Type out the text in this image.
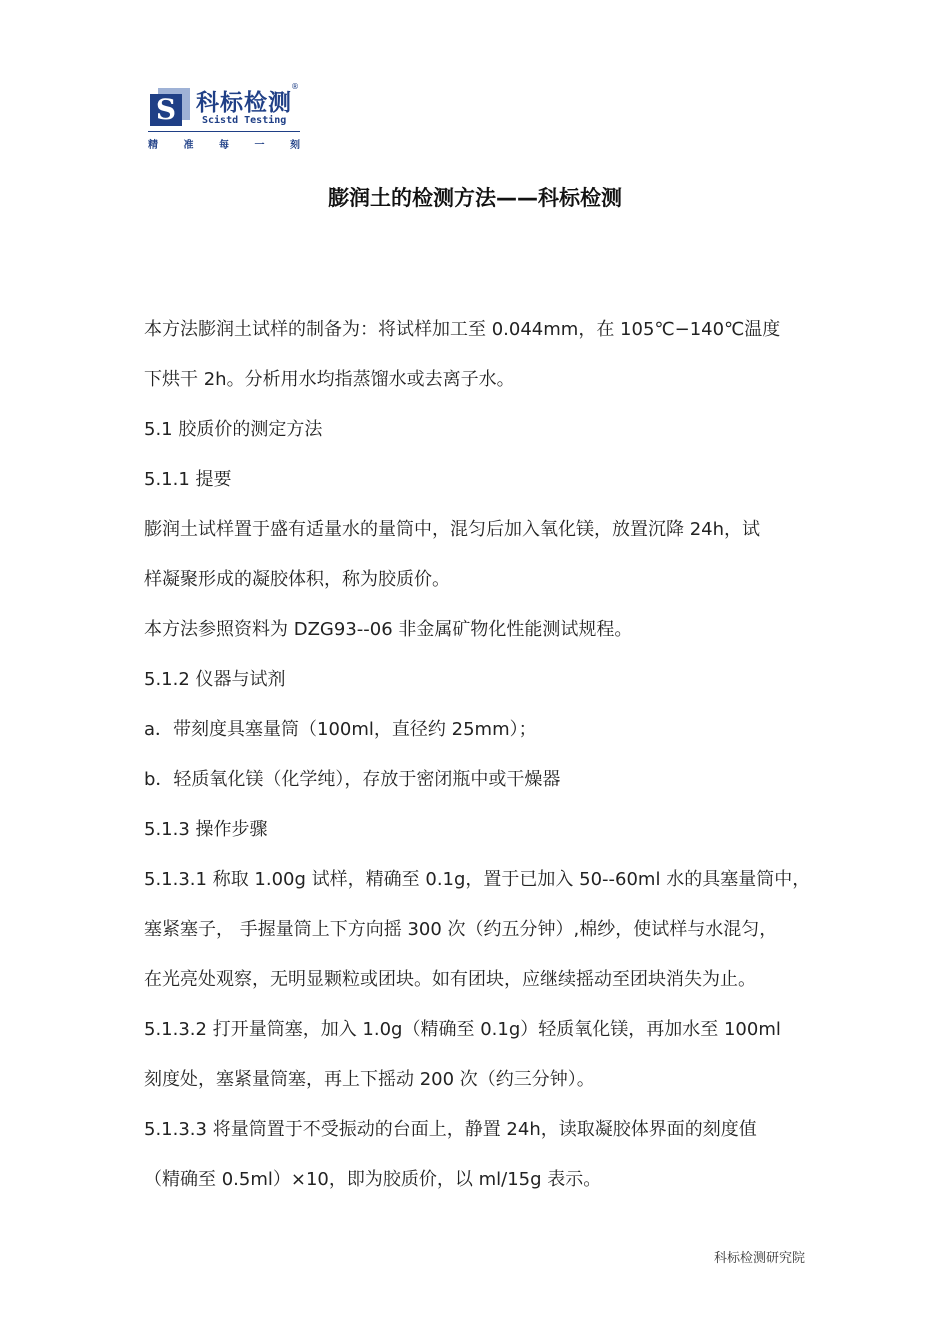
S 科标检测
®
Scistd Testing
精	准	每	一	刻
膨润土的检测方法——科标检测
本方法膨润土试样的制备为：将试样加工至 0.044mm，在 105℃−140℃温度
下烘干 2h。分析用水均指蒸馏水或去离子水。
5.1 胶质价的测定方法
5.1.1 提要
膨润土试样置于盛有适量水的量筒中，混匀后加入氧化镁，放置沉降 24h，试
样凝聚形成的凝胶体积，称为胶质价。
本方法参照资料为 DZG93--06 非金属矿物化性能测试规程。
5.1.2 仪器与试剂
a．带刻度具塞量筒（100ml，直径约 25mm）；
b．轻质氧化镁（化学纯），存放于密闭瓶中或干燥器
5.1.3 操作步骤
5.1.3.1 称取 1.00g 试样，精确至 0.1g，置于已加入 50--60ml 水的具塞量筒中，
塞紧塞子， 手握量筒上下方向摇 300 次（约五分钟）,棉纱，使试样与水混匀，
在光亮处观察，无明显颗粒或团块。如有团块，应继续摇动至团块消失为止。
5.1.3.2 打开量筒塞，加入 1.0g（精确至 0.1g）轻质氧化镁，再加水至 100ml
刻度处，塞紧量筒塞，再上下摇动 200 次（约三分钟）。
5.1.3.3 将量筒置于不受振动的台面上，静置 24h，读取凝胶体界面的刻度值
（精确至 0.5ml）×10，即为胶质价，以 ml/15g 表示。
科标检测研究院
